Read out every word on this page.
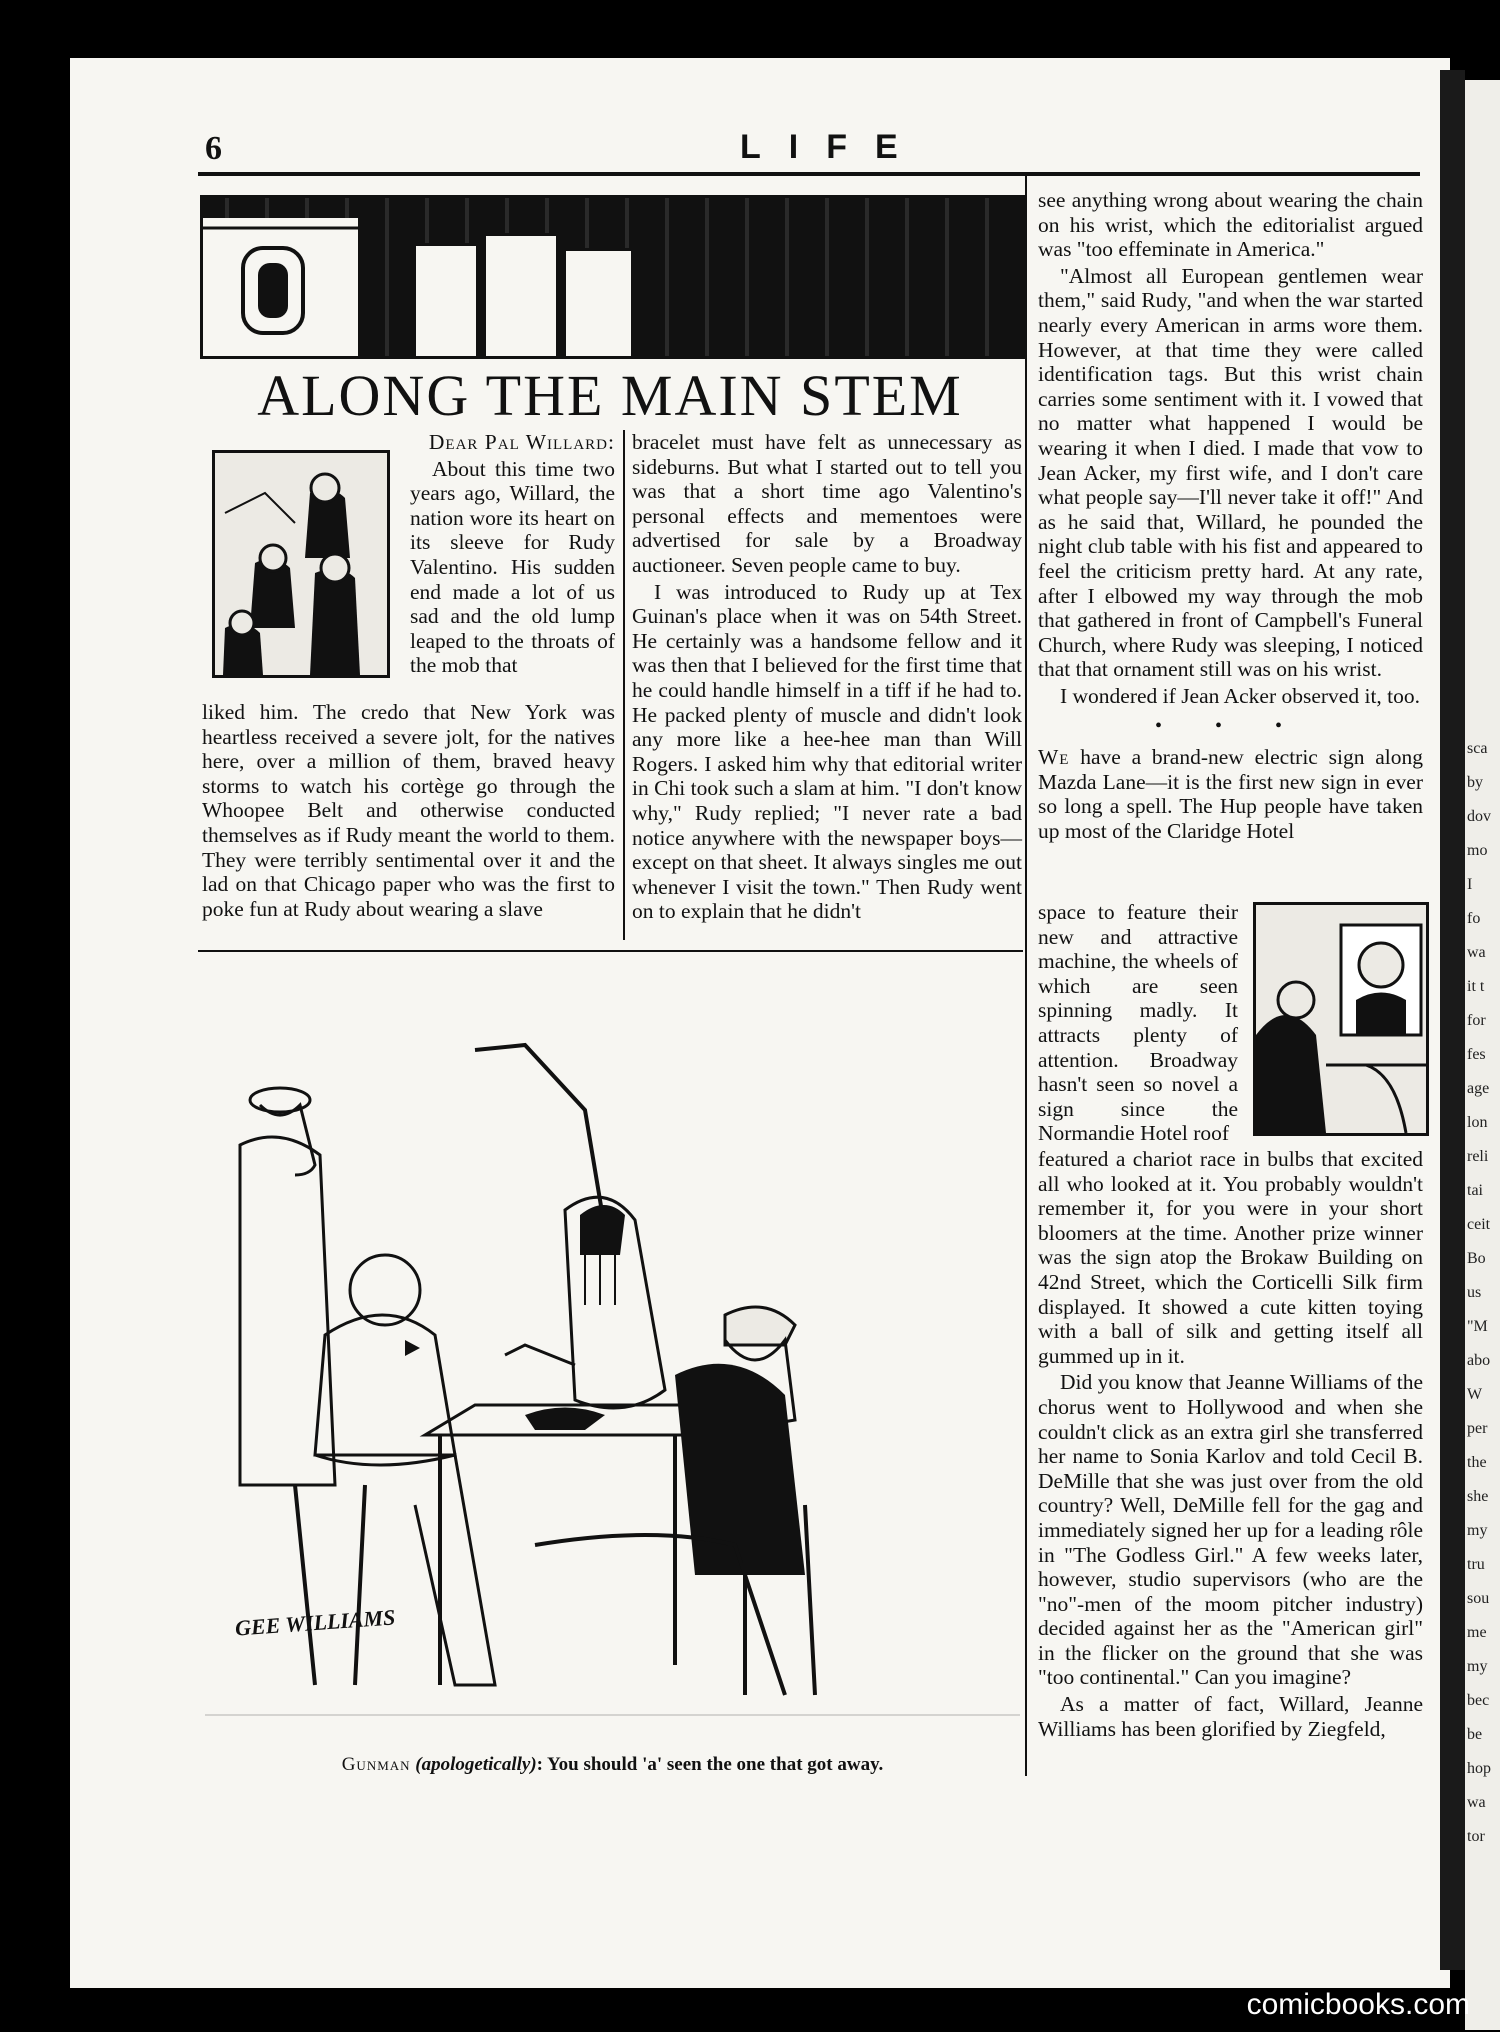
sca
by
dov
mo
I
fo
wa
it t
for
fes
age
lon
reli
tai
ceit
Bo
us
"M
abo
W
per
the
she
my
tru
sou
me
my
bec
be
hop
wa
tor
6	LIFE
ALONG THE MAIN STEM

Dear Pal Willard:

About this time two years ago, Willard, the nation wore its heart on its sleeve for Rudy Valentino. His sudden end made a lot of us sad and the old lump leaped to the throats of the mob that

liked him. The credo that New York was heartless received a severe jolt, for the natives here, over a million of them, braved heavy storms to watch his cortège go through the Whoopee Belt and otherwise conducted themselves as if Rudy meant the world to them. They were terribly sentimental over it and the lad on that Chicago paper who was the first to poke fun at Rudy about wearing a slave

bracelet must have felt as unnecessary as sideburns. But what I started out to tell you was that a short time ago Valentino's personal effects and mementoes were advertised for sale by a Broadway auctioneer. Seven people came to buy.

I was introduced to Rudy up at Tex Guinan's place when it was on 54th Street. He certainly was a handsome fellow and it was then that I believed for the first time that he could handle himself in a tiff if he had to. He packed plenty of muscle and didn't look any more like a hee-hee man than Will Rogers. I asked him why that editorial writer in Chi took such a slam at him. "I don't know why," Rudy replied; "I never rate a bad notice anywhere with the newspaper boys—except on that sheet. It always singles me out whenever I visit the town." Then Rudy went on to explain that he didn't

see anything wrong about wearing the chain on his wrist, which the editorialist argued was "too effeminate in America."

"Almost all European gentlemen wear them," said Rudy, "and when the war started nearly every American in arms wore them. However, at that time they were called identification tags. But this wrist chain carries some sentiment with it. I vowed that no matter what happened I would be wearing it when I died. I made that vow to Jean Acker, my first wife, and I don't care what people say—I'll never take it off!" And as he said that, Willard, he pounded the night club table with his fist and appeared to feel the criticism pretty hard. At any rate, after I elbowed my way through the mob that gathered in front of Campbell's Funeral Church, where Rudy was sleeping, I noticed that that ornament still was on his wrist.

I wondered if Jean Acker observed it, too.

• • •

We have a brand-new electric sign along Mazda Lane—it is the first new sign in ever so long a spell. The Hup people have taken up most of the Claridge Hotel

space to feature their new and attractive machine, the wheels of which are seen spinning madly. It attracts plenty of attention. Broadway hasn't seen so novel a sign since the Normandie Hotel roof

featured a chariot race in bulbs that excited all who looked at it. You probably wouldn't remember it, for you were in your short bloomers at the time. Another prize winner was the sign atop the Brokaw Building on 42nd Street, which the Corticelli Silk firm displayed. It showed a cute kitten toying with a ball of silk and getting itself all gummed up in it.

Did you know that Jeanne Williams of the chorus went to Hollywood and when she couldn't click as an extra girl she transferred her name to Sonia Karlov and told Cecil B. DeMille that she was just over from the old country? Well, DeMille fell for the gag and immediately signed her up for a leading rôle in "The Godless Girl." A few weeks later, however, studio supervisors (who are the "no"-men of the moom pitcher industry) decided against her as the "American girl" in the flicker on the ground that she was "too continental." Can you imagine?

As a matter of fact, Willard, Jeanne Williams has been glorified by Ziegfeld,

GEE WILLIAMS
Gunman (apologetically): You should 'a' seen the one that got away.
comicbooks.com
